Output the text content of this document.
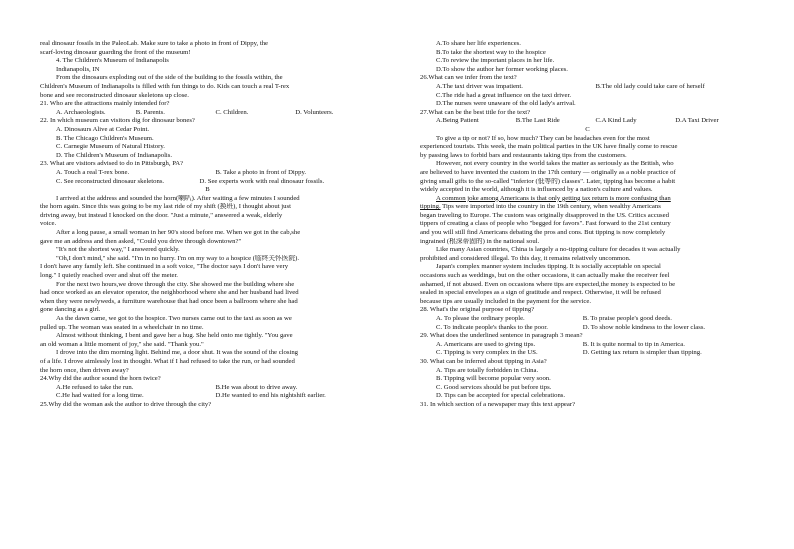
real dinosaur fossils in the PaleoLab. Make sure to take a photo in front of Dippy, the
scarf-loving dinosaur guarding the front of the museum!
4. The Children's Museum of Indianapolis
Indianapolis, IN
From the dinosaurs exploding out of the side of the building to the fossils within, the
Children's Museum of Indianapolis is filled with fun things to do. Kids can touch a real T-rex
bone and see reconstructed dinosaur skeletons up close.
21. Who are the attractions mainly intended for?
A. Archaeologists.	B. Parents.	C. Children.	D. Volunteers.
22. In which museum can visitors dig for dinosaur bones?
A. Dinosaurs Alive at Cedar Point.
B. The Chicago Children's Museum.
C. Carnegie Museum of Natural History.
D. The Children's Museum of Indianapolis.
23. What are visitors advised to do in Pittsburgh, PA?
A. Touch a real T-rex bone.	B. Take a photo in front of Dippy.
C. See reconstructed dinosaur skeletons.	D. See experts work with real dinosaur fossils.
B
I arrived at the address and sounded the horn(喇叭). After waiting a few minutes I sounded
the horn again. Since this was going to be my last ride of my shift (换班), I thought about just
driving away, but instead I knocked on the door. "Just a minute," answered a weak, elderly
voice.
After a long pause, a small woman in her 90's stood before me. When we got in the cab,she
gave me an address and then asked, "Could you drive through downtown?"
"It's not the shortest way," I answered quickly.
"Oh,I don't mind," she said. "I'm in no hurry. I'm on my way to a hospice (临终关怀医院).
I don't have any family left. She continued in a soft voice, "The doctor says I don't have very
long." I quietly reached over and shut off the meter.
For the next two hours,we drove through the city. She showed me the building where she
had once worked as an elevator operator, the neighborhood where she and her husband had lived
when they were newlyweds, a furniture warehouse that had once been a ballroom where she had
gone dancing as a girl.
As the dawn came, we got to the hospice. Two nurses came out to the taxi as soon as we
pulled up. The woman was seated in a wheelchair in no time.
Almost without thinking, I bent and gave her a hug. She held onto me tightly. "You gave
an old woman a little moment of joy," she said. "Thank you."
I drove into the dim morning light. Behind me, a door shut. It was the sound of the closing
of a life. I drove aimlessly lost in thought. What if I had refused to take the run, or had sounded
the horn once, then driven away?
24.Why did the author sound the horn twice?
A.He refused to take the run.	B.He was about to drive away.
C.He had waited for a long time.	D.He wanted to end his nightshift earlier.
25.Why did the woman ask the author to drive through the city?
A.To share her life experiences.
B.To take the shortest way to the hospice
C.To review the important places in her life.
D.To show the author her former working places.
26.What can we infer from the text?
A.The taxi driver was impatient.	B.The old lady could take care of herself
C.The ride had a great influence on the taxi driver.
D.The nurses were unaware of the old lady's arrival.
27.What can be the best title for the text?
A.Being Patient	B.The Last Ride	C.A Kind Lady	D.A Taxi Driver
C
To give a tip or not? If so, how much? They can be headaches even for the most
experienced tourists. This week, the main political parties in the UK have finally come to rescue
by passing laws to forbid bars and restaurants taking tips from the customers.
However, not every country in the world takes the matter as seriously as the British, who
are believed to have invented the custom in the 17th century — originally as a noble practice of
giving small gifts to the so-called "inferior (低等的) classes". Later, tipping has become a habit
widely accepted in the world, although it is influenced by a nation's culture and values.
A common joke among Americans is that only getting tax return is more confusing than
tipping. Tips were imported into the country in the 19th century, when wealthy Americans
began traveling to Europe. The custom was originally disapproved in the US. Critics accused
tippers of creating a class of people who "begged for favors". Fast forward to the 21st century
and you will still find Americans debating the pros and cons. But tipping is now completely
ingrained (根深蒂固的) in the national soul.
Like many Asian countries, China is largely a no-tipping culture for decades it was actually
prohibited and considered illegal. To this day, it remains relatively uncommon.
Japan's complex manner system includes tipping. It is socially acceptable on special
occasions such as weddings, but on the other occasions, it can actually make the receiver feel
ashamed, if not abused. Even on occasions where tips are expected,the money is expected to be
sealed in special envelopes as a sign of gratitude and respect. Otherwise, it will be refused
because tips are usually included in the payment for the service.
28. What's the original purpose of tipping?
A. To please the ordinary people.	B. To praise people's good deeds.
C. To indicate people's thanks to the poor.	D. To show noble kindness to the lower class.
29. What does the underlined sentence in paragraph 3 mean?
A. Americans are used to giving tips.	B. It is quite normal to tip in America.
C. Tipping is very complex in the US.	D. Getting tax return is simpler than tipping.
30. What can be inferred about tipping in Asia?
A. Tips are totally forbidden in China.
B. Tipping will become popular very soon.
C. Good services should be put before tips.
D. Tips can be accepted for special celebrations.
31. In which section of a newspaper may this text appear?
